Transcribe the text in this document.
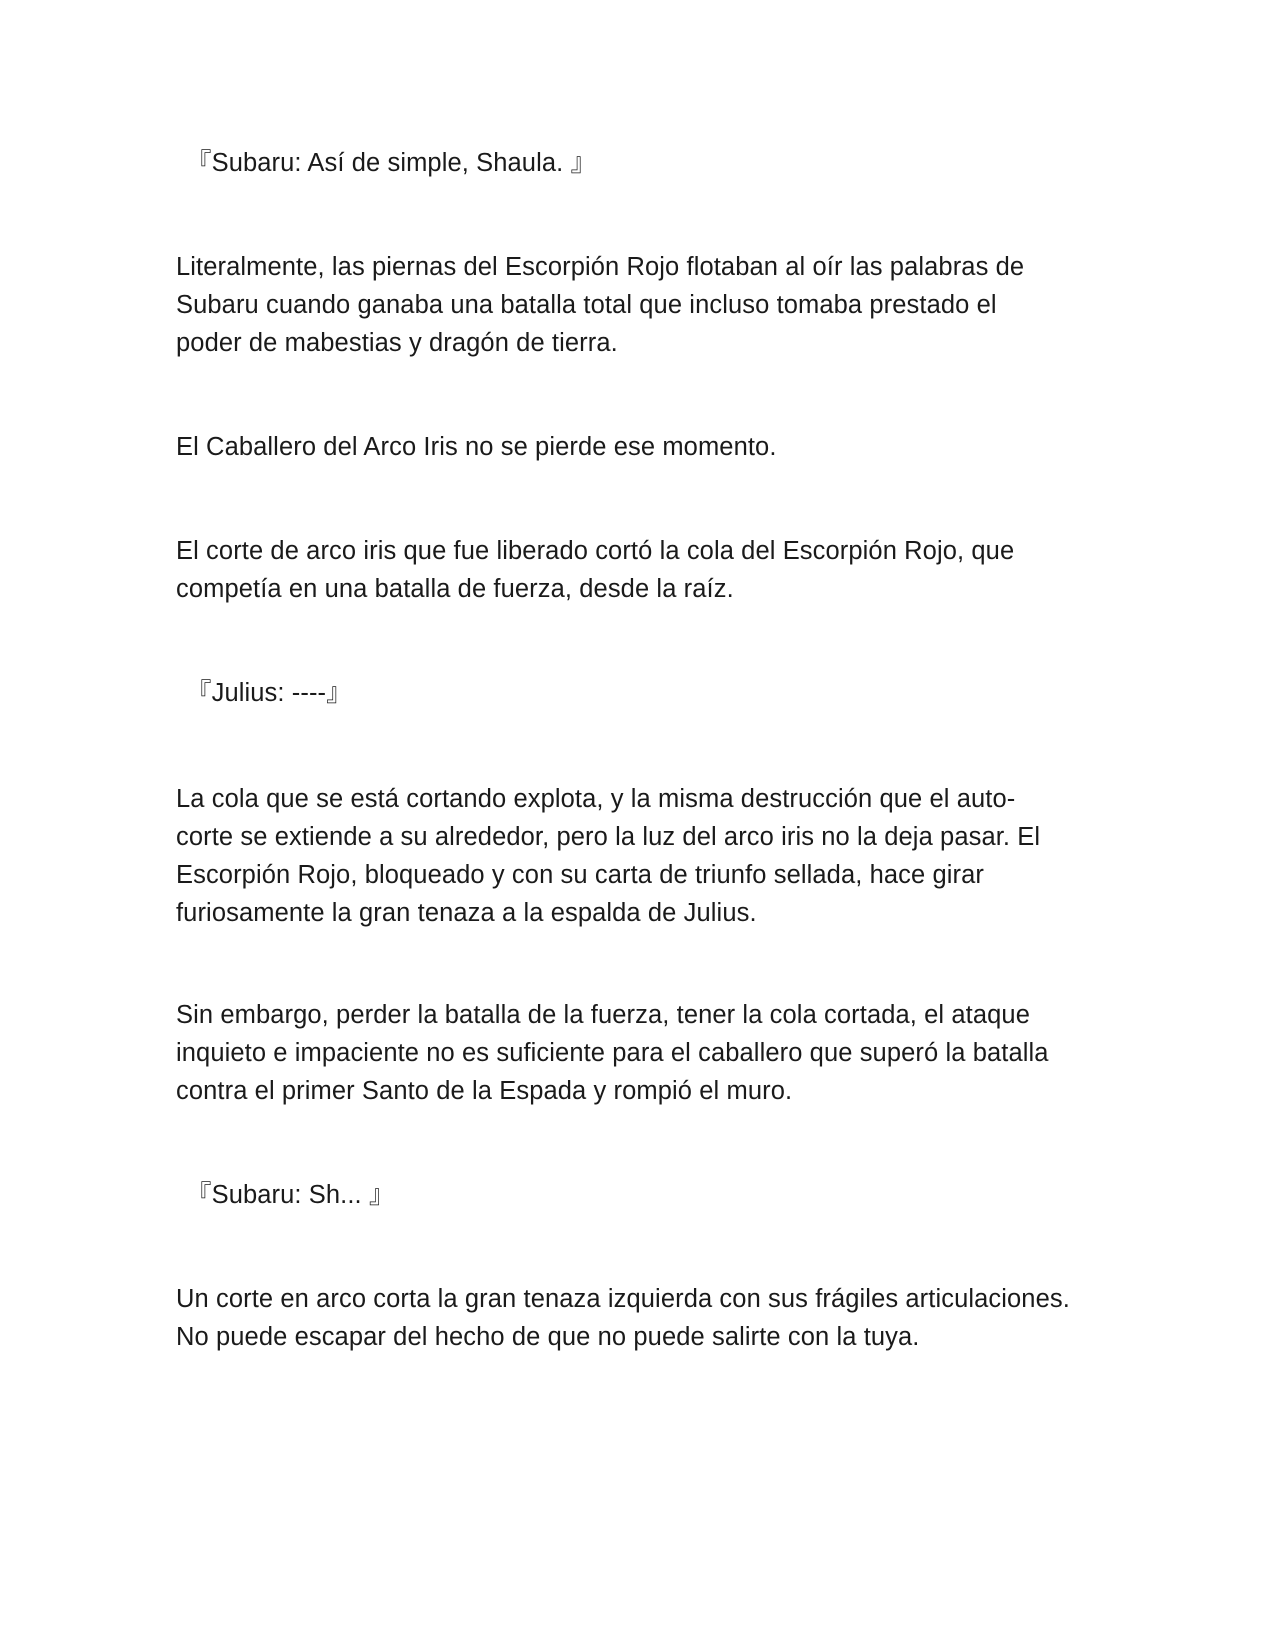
『Subaru: Así de simple, Shaula. 』

Literalmente, las piernas del Escorpión Rojo flotaban al oír las palabras de

Subaru cuando ganaba una batalla total que incluso tomaba prestado el

poder de mabestias y dragón de tierra.

El Caballero del Arco Iris no se pierde ese momento.

El corte de arco iris que fue liberado cortó la cola del Escorpión Rojo, que

competía en una batalla de fuerza, desde la raíz.

『Julius: ----』

La cola que se está cortando explota, y la misma destrucción que el auto-

corte se extiende a su alrededor, pero la luz del arco iris no la deja pasar. El

Escorpión Rojo, bloqueado y con su carta de triunfo sellada, hace girar

furiosamente la gran tenaza a la espalda de Julius.

Sin embargo, perder la batalla de la fuerza, tener la cola cortada, el ataque

inquieto e impaciente no es suficiente para el caballero que superó la batalla

contra el primer Santo de la Espada y rompió el muro.

『Subaru: Sh... 』

Un corte en arco corta la gran tenaza izquierda con sus frágiles articulaciones.

No puede escapar del hecho de que no puede salirte con la tuya.
